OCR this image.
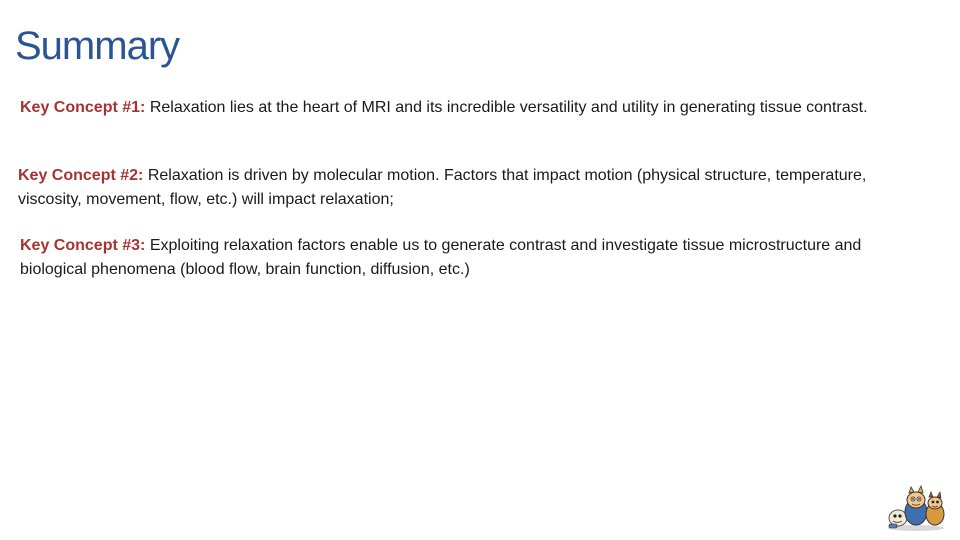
Summary

Key Concept #1: Relaxation lies at the heart of MRI and its incredible versatility and utility in generating tissue contrast.

Key Concept #2: Relaxation is driven by molecular motion. Factors that impact motion (physical structure, temperature, viscosity, movement, flow, etc.) will impact relaxation;

Key Concept #3: Exploiting relaxation factors enable us to generate contrast and investigate tissue microstructure and biological phenomena (blood flow, brain function, diffusion, etc.)
